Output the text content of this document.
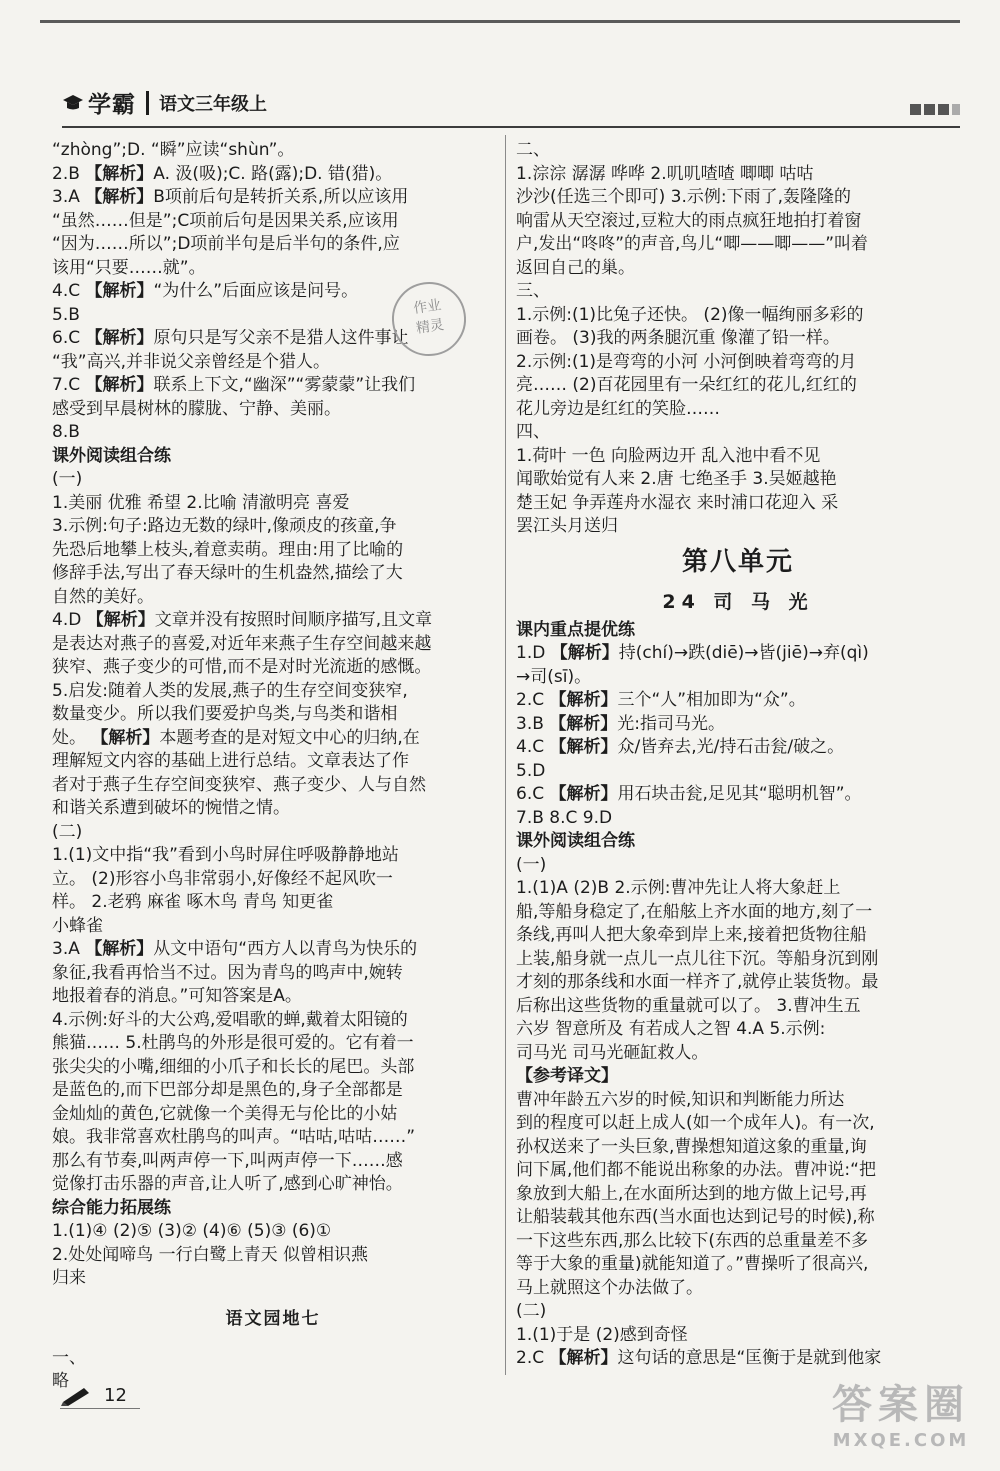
学霸 语文三年级上
“zhòng”;D. “瞬”应读“shùn”。
2.B 【解析】A. 汲(吸);C. 路(露);D. 错(猎)。
3.A 【解析】B项前后句是转折关系,所以应该用
“虽然……但是”;C项前后句是因果关系,应该用
“因为……所以”;D项前半句是后半句的条件,应
该用“只要……就”。
4.C 【解析】“为什么”后面应该是问号。
5.B
6.C 【解析】原句只是写父亲不是猎人这件事让
“我”高兴,并非说父亲曾经是个猎人。
7.C 【解析】联系上下文,“幽深”“雾蒙蒙”让我们
感受到早晨树林的朦胧、宁静、美丽。
8.B
课外阅读组合练
(一)
1.美丽 优雅 希望 2.比喻 清澈明亮 喜爱
3.示例:句子:路边无数的绿叶,像顽皮的孩童,争
先恐后地攀上枝头,着意卖萌。理由:用了比喻的
修辞手法,写出了春天绿叶的生机盎然,描绘了大
自然的美好。
4.D 【解析】文章并没有按照时间顺序描写,且文章
是表达对燕子的喜爱,对近年来燕子生存空间越来越
狭窄、燕子变少的可惜,而不是对时光流逝的感慨。
5.启发:随着人类的发展,燕子的生存空间变狭窄,
数量变少。所以我们要爱护鸟类,与鸟类和谐相
处。 【解析】本题考查的是对短文中心的归纳,在
理解短文内容的基础上进行总结。文章表达了作
者对于燕子生存空间变狭窄、燕子变少、人与自然
和谐关系遭到破坏的惋惜之情。
(二)
1.(1)文中指“我”看到小鸟时屏住呼吸静静地站
立。 (2)形容小鸟非常弱小,好像经不起风吹一
样。 2.老鸦 麻雀 啄木鸟 青鸟 知更雀
小蜂雀
3.A 【解析】从文中语句“西方人以青鸟为快乐的
象征,我看再恰当不过。因为青鸟的鸣声中,婉转
地报着春的消息。”可知答案是A。
4.示例:好斗的大公鸡,爱唱歌的蝉,戴着太阳镜的
熊猫…… 5.杜鹃鸟的外形是很可爱的。它有着一
张尖尖的小嘴,细细的小爪子和长长的尾巴。头部
是蓝色的,而下巴部分却是黑色的,身子全部都是
金灿灿的黄色,它就像一个美得无与伦比的小姑
娘。我非常喜欢杜鹃鸟的叫声。“咕咕,咕咕……”
那么有节奏,叫两声停一下,叫两声停一下……感
觉像打击乐器的声音,让人听了,感到心旷神怡。
综合能力拓展练
1.(1)④ (2)⑤ (3)② (4)⑥ (5)③ (6)①
2.处处闻啼鸟 一行白鹭上青天 似曾相识燕
归来
语文园地七
一、
略
作业
精灵
二、
1.淙淙 潺潺 哗哗 2.叽叽喳喳 唧唧 咕咕
沙沙(任选三个即可) 3.示例:下雨了,轰隆隆的
响雷从天空滚过,豆粒大的雨点疯狂地拍打着窗
户,发出“咚咚”的声音,鸟儿“唧——唧——”叫着
返回自己的巢。
三、
1.示例:(1)比兔子还快。 (2)像一幅绚丽多彩的
画卷。 (3)我的两条腿沉重 像灌了铅一样。
2.示例:(1)是弯弯的小河 小河倒映着弯弯的月
亮…… (2)百花园里有一朵红红的花儿,红红的
花儿旁边是红红的笑脸……
四、
1.荷叶 一色 向脸两边开 乱入池中看不见
闻歌始觉有人来 2.唐 七绝圣手 3.吴姬越艳
楚王妃 争弄莲舟水湿衣 来时浦口花迎入 采
罢江头月送归
第八单元
24 司 马 光
课内重点提优练
1.D 【解析】持(chí)→跌(diē)→皆(jiē)→弃(qì)
→司(sī)。
2.C 【解析】三个“人”相加即为“众”。
3.B 【解析】光:指司马光。
4.C 【解析】众/皆弃去,光/持石击瓮/破之。
5.D
6.C 【解析】用石块击瓮,足见其“聪明机智”。
7.B 8.C 9.D
课外阅读组合练
(一)
1.(1)A (2)B 2.示例:曹冲先让人将大象赶上
船,等船身稳定了,在船舷上齐水面的地方,刻了一
条线,再叫人把大象牵到岸上来,接着把货物往船
上装,船身就一点儿一点儿往下沉。等船身沉到刚
才刻的那条线和水面一样齐了,就停止装货物。最
后称出这些货物的重量就可以了。 3.曹冲生五
六岁 智意所及 有若成人之智 4.A 5.示例:
司马光 司马光砸缸救人。
【参考译文】
曹冲年龄五六岁的时候,知识和判断能力所达
到的程度可以赶上成人(如一个成年人)。有一次,
孙权送来了一头巨象,曹操想知道这象的重量,询
问下属,他们都不能说出称象的办法。曹冲说:“把
象放到大船上,在水面所达到的地方做上记号,再
让船装载其他东西(当水面也达到记号的时候),称
一下这些东西,那么比较下(东西的总重量差不多
等于大象的重量)就能知道了。”曹操听了很高兴,
马上就照这个办法做了。
(二)
1.(1)于是 (2)感到奇怪
2.C 【解析】这句话的意思是“匡衡于是就到他家
12	答案圈
MXQE.COM
